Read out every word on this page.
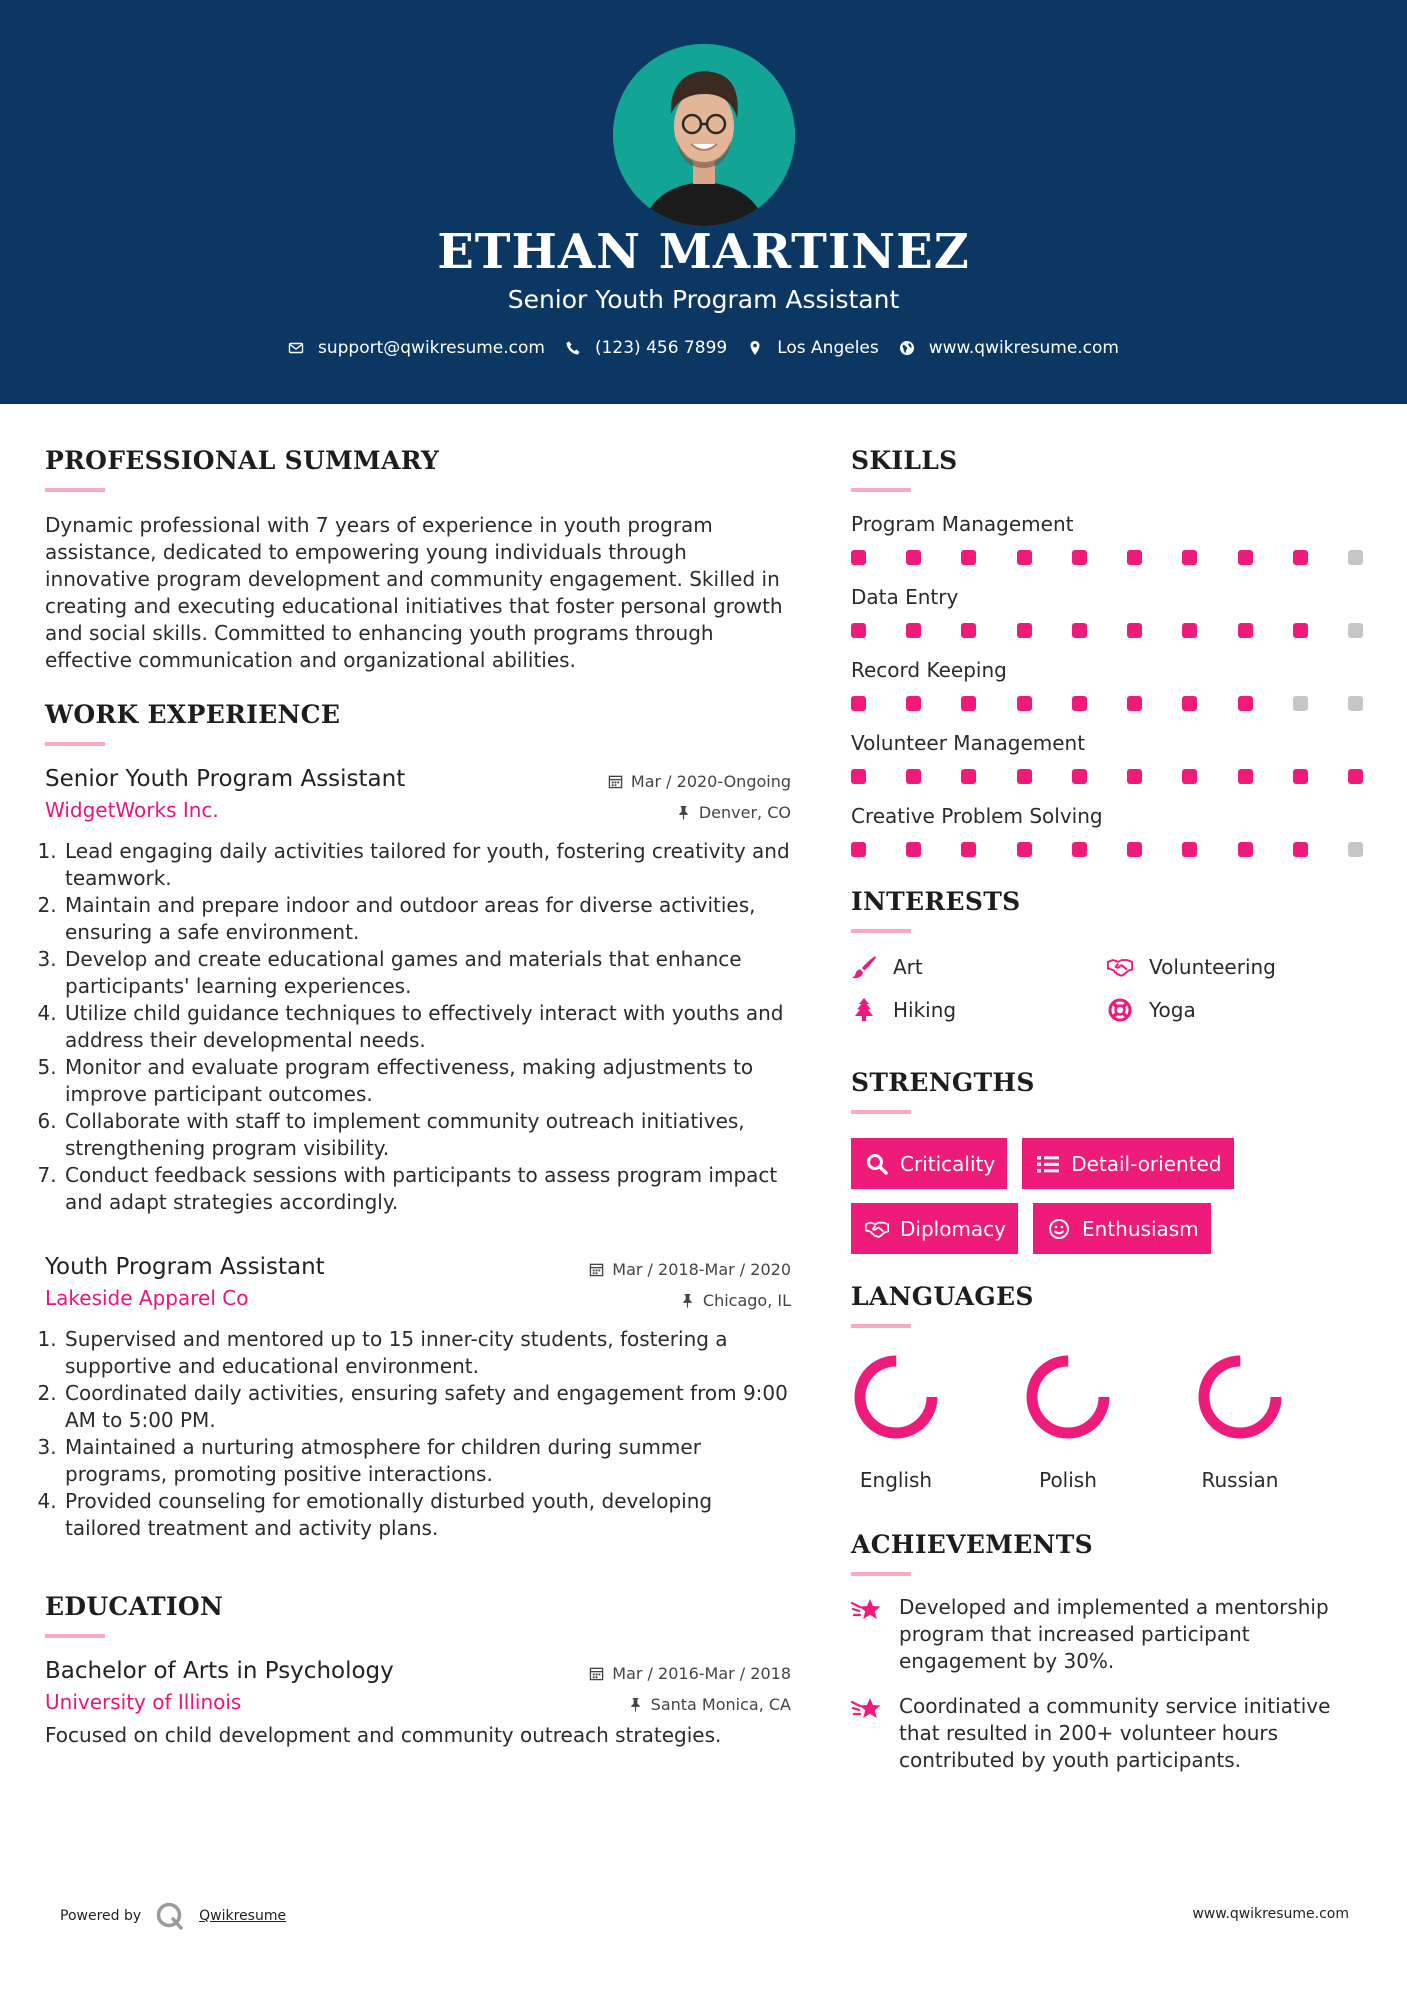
ETHAN MARTINEZ
Senior Youth Program Assistant
support@qwikresume.com	(123) 456 7899	Los Angeles	www.qwikresume.com
PROFESSIONAL SUMMARY
Dynamic professional with 7 years of experience in youth program assistance, dedicated to empowering young individuals through innovative program development and community engagement. Skilled in creating and executing educational initiatives that foster personal growth and social skills. Committed to enhancing youth programs through effective communication and organizational abilities.
WORK EXPERIENCE
Senior Youth Program Assistant	Mar / 2020-Ongoing
WidgetWorks Inc.	Denver, CO
1. Lead engaging daily activities tailored for youth, fostering creativity and teamwork.
2. Maintain and prepare indoor and outdoor areas for diverse activities, ensuring a safe environment.
3. Develop and create educational games and materials that enhance participants' learning experiences.
4. Utilize child guidance techniques to effectively interact with youths and address their developmental needs.
5. Monitor and evaluate program effectiveness, making adjustments to improve participant outcomes.
6. Collaborate with staff to implement community outreach initiatives, strengthening program visibility.
7. Conduct feedback sessions with participants to assess program impact and adapt strategies accordingly.
Youth Program Assistant	Mar / 2018-Mar / 2020
Lakeside Apparel Co	Chicago, IL
1. Supervised and mentored up to 15 inner-city students, fostering a supportive and educational environment.
2. Coordinated daily activities, ensuring safety and engagement from 9:00 AM to 5:00 PM.
3. Maintained a nurturing atmosphere for children during summer programs, promoting positive interactions.
4. Provided counseling for emotionally disturbed youth, developing tailored treatment and activity plans.
EDUCATION
Bachelor of Arts in Psychology	Mar / 2016-Mar / 2018
University of Illinois	Santa Monica, CA
Focused on child development and community outreach strategies.
SKILLS
Program Management
Data Entry
Record Keeping
Volunteer Management
Creative Problem Solving
INTERESTS
Art	Volunteering
Hiking	Yoga
STRENGTHS
Criticality	Detail-oriented
Diplomacy	Enthusiasm
LANGUAGES
English	Polish	Russian
ACHIEVEMENTS
Developed and implemented a mentorship program that increased participant engagement by 30%.
Coordinated a community service initiative that resulted in 200+ volunteer hours contributed by youth participants.
Powered by	Qwikresume	www.qwikresume.com
